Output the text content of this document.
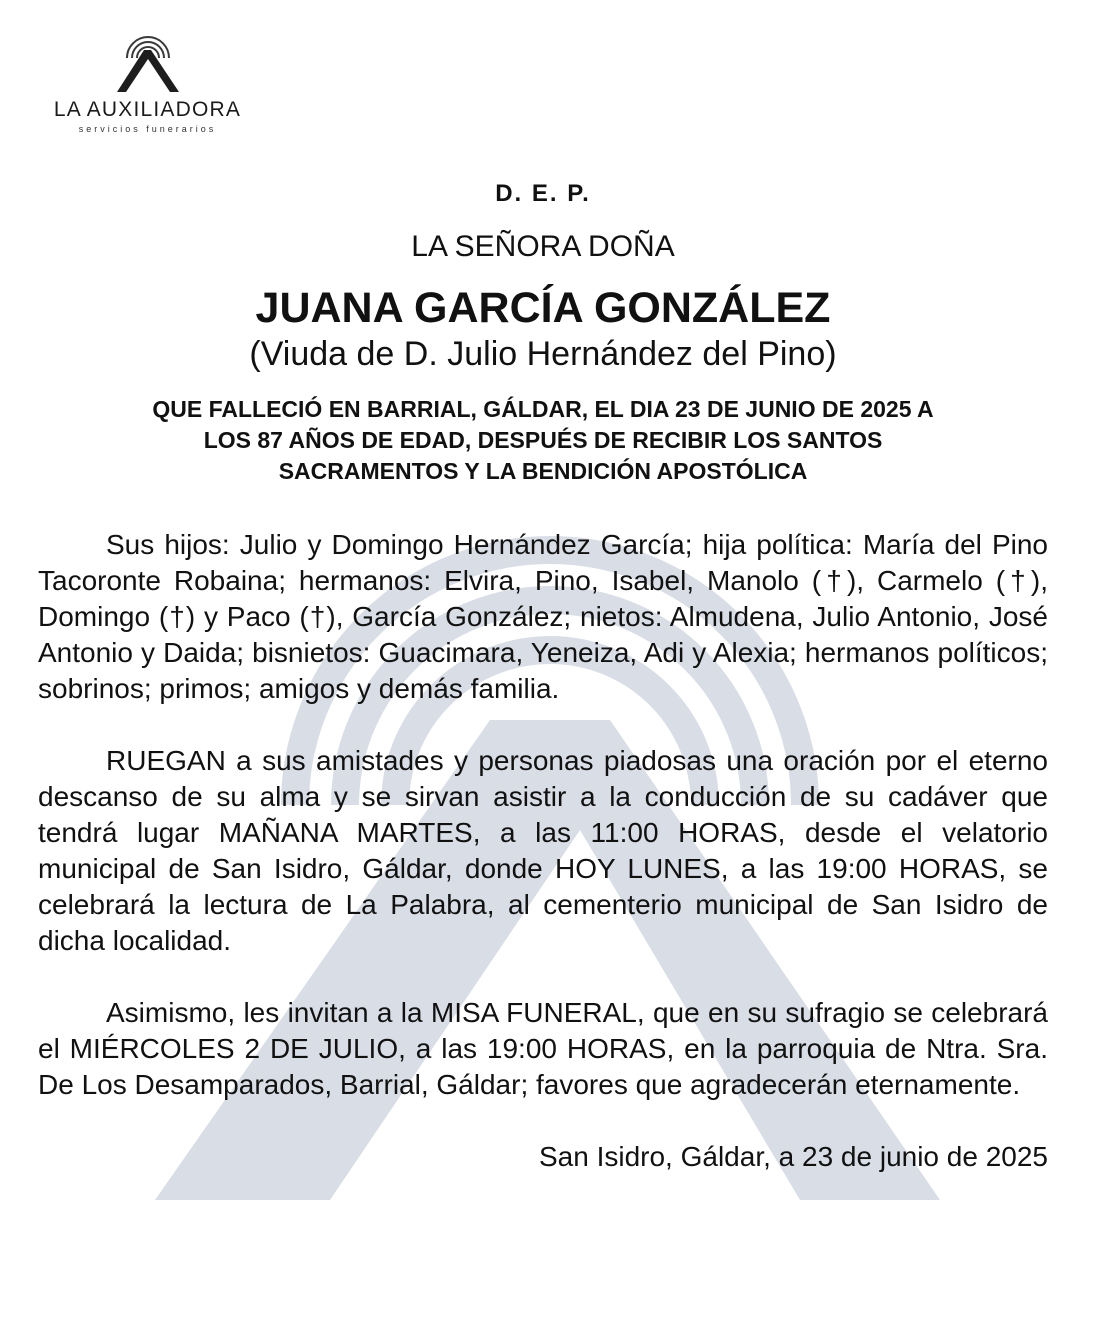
LA AUXILIADORA
servicios funerarios
D. E. P.
LA SEÑORA DOÑA
JUANA GARCÍA GONZÁLEZ
(Viuda de D. Julio Hernández del Pino)
QUE FALLECIÓ EN BARRIAL, GÁLDAR, EL DIA 23 DE JUNIO DE 2025 A
LOS 87 AÑOS DE EDAD, DESPUÉS DE RECIBIR LOS SANTOS
SACRAMENTOS Y LA BENDICIÓN APOSTÓLICA

Sus hijos: Julio y Domingo Hernández García; hija política: María del Pino Tacoronte Robaina; hermanos: Elvira, Pino, Isabel, Manolo (†), Carmelo (†), Domingo (†) y Paco (†), García González; nietos: Almudena, Julio Antonio, José Antonio y Daida; bisnietos: Guacimara, Yeneiza, Adi y Alexia; hermanos políticos; sobrinos; primos; amigos y demás familia.

RUEGAN a sus amistades y personas piadosas una oración por el eterno descanso de su alma y se sirvan asistir a la conducción de su cadáver que tendrá lugar MAÑANA MARTES, a las 11:00 HORAS, desde el velatorio municipal de San Isidro, Gáldar, donde HOY LUNES, a las 19:00 HORAS, se celebrará la lectura de La Palabra, al cementerio municipal de San Isidro de dicha localidad.

Asimismo, les invitan a la MISA FUNERAL, que en su sufragio se celebrará el MIÉRCOLES 2 DE JULIO, a las 19:00 HORAS, en la parroquia de Ntra. Sra. De Los Desamparados, Barrial, Gáldar; favores que agradecerán eternamente.

San Isidro, Gáldar, a 23 de junio de 2025
